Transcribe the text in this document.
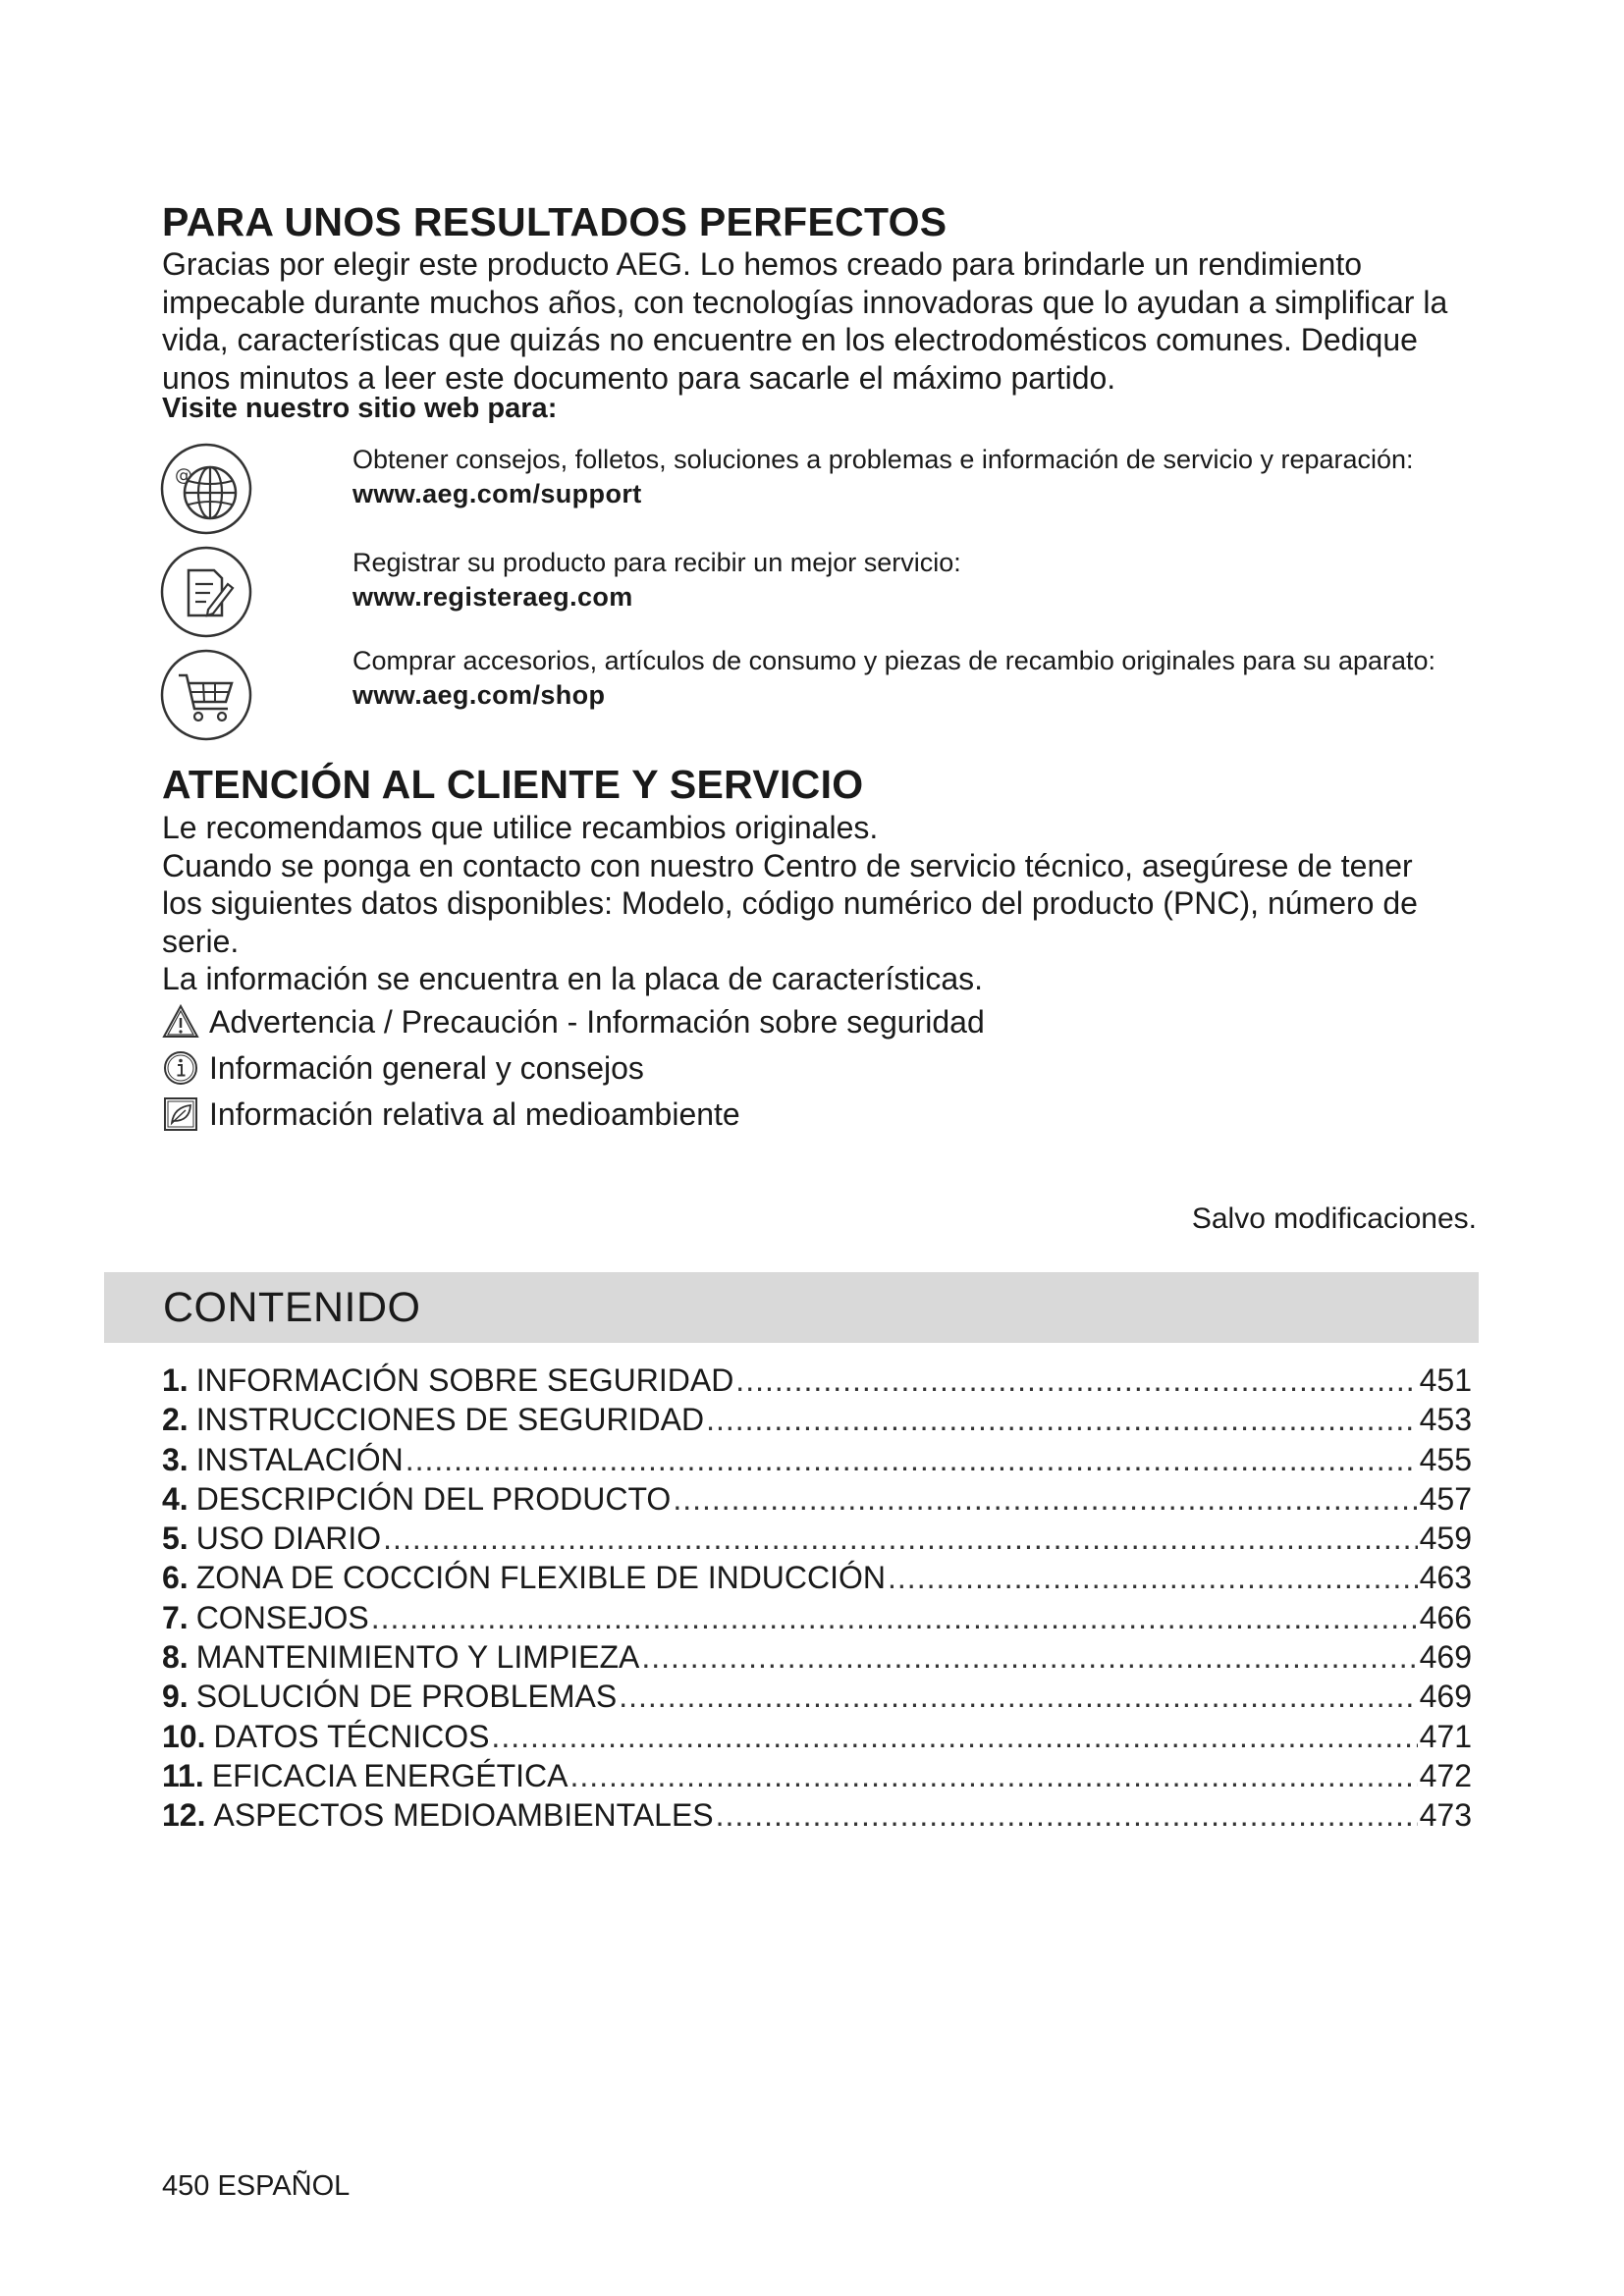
PARA UNOS RESULTADOS PERFECTOS

Gracias por elegir este producto AEG. Lo hemos creado para brindarle un rendimiento impecable durante muchos años, con tecnologías innovadoras que lo ayudan a simplificar la vida, características que quizás no encuentre en los electrodomésticos comunes. Dedique unos minutos a leer este documento para sacarle el máximo partido.

Visite nuestro sitio web para:

@
Obtener consejos, folletos, soluciones a problemas e información de servicio y reparación:
www.aeg.com/support
Registrar su producto para recibir un mejor servicio:
www.registeraeg.com
Comprar accesorios, artículos de consumo y piezas de recambio originales para su aparato:
www.aeg.com/shop
ATENCIÓN AL CLIENTE Y SERVICIO

Le recomendamos que utilice recambios originales.

Cuando se ponga en contacto con nuestro Centro de servicio técnico, asegúrese de tener los siguientes datos disponibles: Modelo, código numérico del producto (PNC), número de serie.

La información se encuentra en la placa de características.

Advertencia / Precaución - Información sobre seguridad
Información general y consejos
Información relativa al medioambiente

Salvo modificaciones.

CONTENIDO
1. INFORMACIÓN SOBRE SEGURIDAD .....	451
2. INSTRUCCIONES DE SEGURIDAD .....	453
3. INSTALACIÓN .....	455
4. DESCRIPCIÓN DEL PRODUCTO .....	457
5. USO DIARIO .....	459
6. ZONA DE COCCIÓN FLEXIBLE DE INDUCCIÓN .....	463
7. CONSEJOS .....	466
8. MANTENIMIENTO Y LIMPIEZA .....	469
9. SOLUCIÓN DE PROBLEMAS .....	469
10. DATOS TÉCNICOS .....	471
11. EFICACIA ENERGÉTICA .....	472
12. ASPECTOS MEDIOAMBIENTALES .....	473

450 ESPAÑOL
